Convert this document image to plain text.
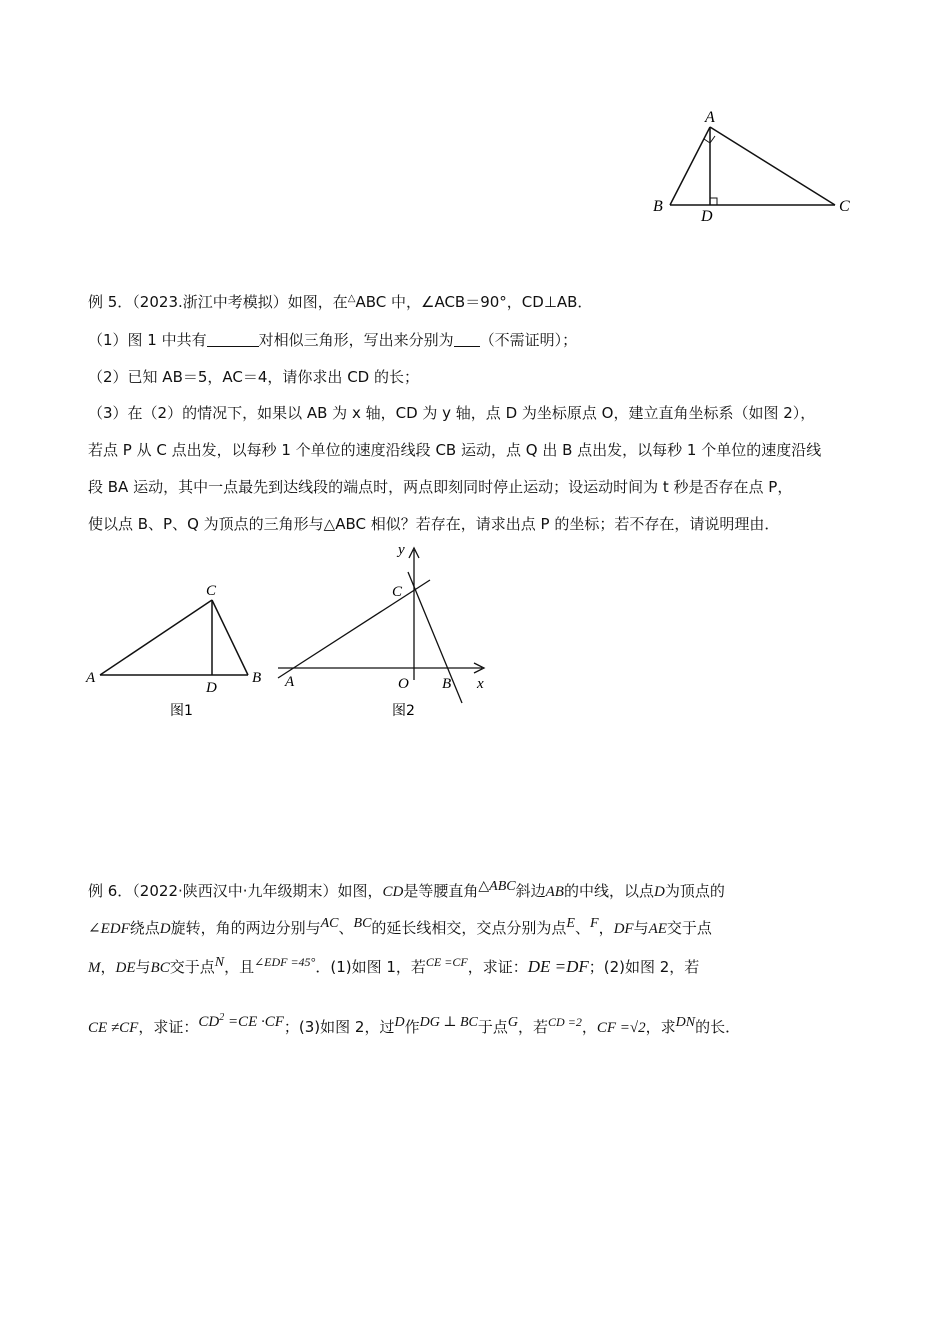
A
B	C
D
例 5．（2023.浙江中考模拟）如图，在△ABC 中，∠ACB＝90°，CD⊥AB．
（1）图 1 中共有	对相似三角形，写出来分别为 （不需证明）；
（2）已知 AB＝5，AC＝4，请你求出 CD 的长；
（3）在（2）的情况下，如果以 AB 为 x 轴，CD 为 y 轴，点 D 为坐标原点 O，建立直角坐标系（如图 2），
若点 P 从 C 点出发，以每秒 1 个单位的速度沿线段 CB 运动，点 Q 出 B 点出发，以每秒 1 个单位的速度沿线
段 BA 运动，其中一点最先到达线段的端点时，两点即刻同时停止运动；设运动时间为 t 秒是否存在点 P，
使以点 B、P、Q 为顶点的三角形与△ABC 相似？若存在，请求出点 P 的坐标；若不存在，请说明理由．
C
A	B
D
图1
y
C
A	O B x
图2
例 6．（2022·陕西汉中·九年级期末）如图，CD是等腰直角$^{\triangle ABC}$斜边AB的中线，以点D为顶点的
∠EDF绕点D旋转，角的两边分别与$^{AC}$、$^{BC}$的延长线相交，交点分别为点$^E$、$^F$，DF与AE交于点
M，DE与BC交于点$^N$，且$^{\angle EDF =45^\circ}$．(1)如图 1，若$^{CE =CF}$，求证：DE =DF；(2)如图 2，若
CE ≠CF，求证：$^{CD^2 =CE \cdot CF}$；(3)如图 2，过$^D$作$^{DG \perp BC}$于点$^G$，若$^{CD =2}$，CF =√2，求$^{DN}$的长．
